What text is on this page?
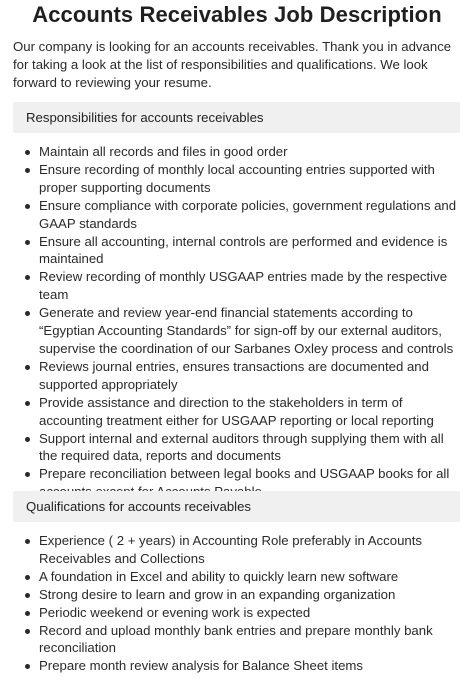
Accounts Receivables Job Description

Our company is looking for an accounts receivables. Thank you in advance for taking a look at the list of responsibilities and qualifications. We look forward to reviewing your resume.

Responsibilities for accounts receivables
Maintain all records and files in good order
Ensure recording of monthly local accounting entries supported with proper supporting documents
Ensure compliance with corporate policies, government regulations and GAAP standards
Ensure all accounting, internal controls are performed and evidence is maintained
Review recording of monthly USGAAP entries made by the respective team
Generate and review year-end financial statements according to “Egyptian Accounting Standards” for sign-off by our external auditors, supervise the coordination of our Sarbanes Oxley process and controls
Reviews journal entries, ensures transactions are documented and supported appropriately
Provide assistance and direction to the stakeholders in term of accounting treatment either for USGAAP reporting or local reporting
Support internal and external auditors through supplying them with all the required data, reports and documents
Prepare reconciliation between legal books and USGAAP books for all
Qualifications for accounts receivables
Experience ( 2 + years) in Accounting Role preferably in Accounts Receivables and Collections
A foundation in Excel and ability to quickly learn new software
Strong desire to learn and grow in an expanding organization
Periodic weekend or evening work is expected
Record and upload monthly bank entries and prepare monthly bank reconciliation
Prepare month review analysis for Balance Sheet items
